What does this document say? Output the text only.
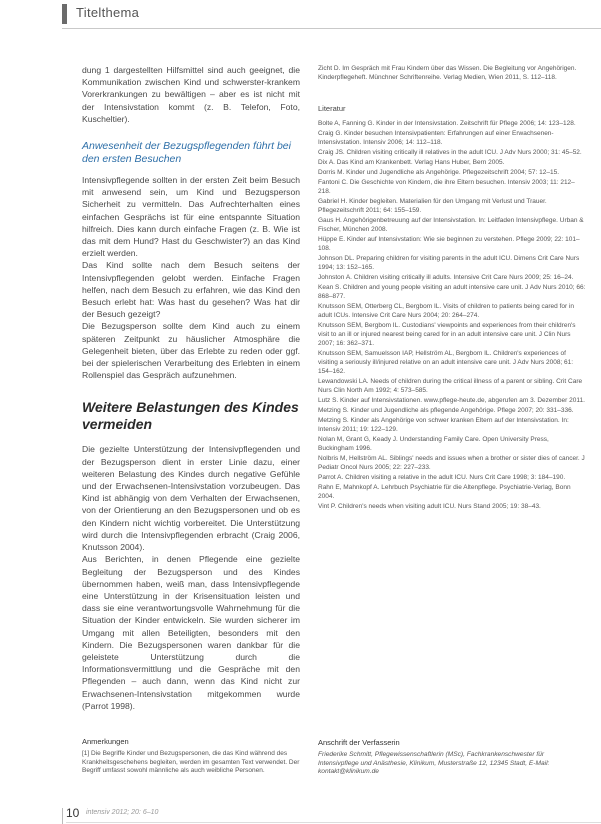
Titelthema

dung 1 dargestellten Hilfsmittel sind auch geeignet, die Kommunikation zwischen Kind und schwerster-krankem Vorerkrankungen zu bewältigen – aber es ist nicht mit der Intensivstation kommt (z. B. Telefon, Foto, Kuscheltier).

Anwesenheit der Bezugspflegenden führt bei den ersten Besuchen

Intensivpflegende sollten in der ersten Zeit beim Besuch mit anwesend sein, um Kind und Bezugsperson Sicherheit zu vermitteln. Das Aufrechterhalten eines einfachen Gesprächs ist für eine entspannte Situation hilfreich. Dies kann durch einfache Fragen (z. B. Wie ist das mit dem Hund? Hast du Geschwister?) an das Kind erzielt werden.

Das Kind sollte nach dem Besuch seitens der Intensivpflegenden gelobt werden. Einfache Fragen helfen, nach dem Besuch zu erfahren, wie das Kind den Besuch erlebt hat: Was hast du gesehen? Was hat dir der Besuch gezeigt?

Die Bezugsperson sollte dem Kind auch zu einem späteren Zeitpunkt zu häuslicher Atmosphäre die Gelegenheit bieten, über das Erlebte zu reden oder ggf. bei der spielerischen Verarbeitung des Erlebten in einem Rollenspiel das Gespräch aufzunehmen.

Weitere Belastungen des Kindes vermeiden

Die gezielte Unterstützung der Intensivpflegenden und der Bezugsperson dient in erster Linie dazu, einer weiteren Belastung des Kindes durch negative Gefühle und der Erwachsenen-Intensivstation vorzubeugen. Das Kind ist abhängig von dem Verhalten der Erwachsenen, von der Orientierung an den Bezugspersonen und ob es den Kindern nicht wichtig vorbereitet. Die Unterstützung wird durch die Intensivpflegenden erbracht (Craig 2006, Knutsson 2004).

Aus Berichten, in denen Pflegende eine gezielte Begleitung der Bezugsperson und des Kindes übernommen haben, weiß man, dass Intensivpflegende eine Unterstützung in der Krisensituation leisten und dass sie eine verantwortungsvolle Wahrnehmung für die Situation der Kinder entwickeln. Sie wurden sicherer im Umgang mit allen Beteiligten, besonders mit den Kindern. Die Bezugspersonen waren dankbar für die geleistete Unterstützung durch die Informationsvermittlung und die Gespräche mit den Pflegenden – auch dann, wenn das Kind nicht zur Erwachsenen-Intensivstation mitgekommen wurde (Parrot 1998).

Zicht D. Im Gespräch mit Frau Kindern über das Wissen. Die Begleitung vor Angehörigen. Kinderpflegeheft. Münchner Schriftenreihe. Verlag Medien, Wien 2011, S. 112–118.

Literatur

Bolte A, Fanning G. Kinder in der Intensivstation. Zeitschrift für Pflege 2006; 14: 123–128.

Craig G. Kinder besuchen Intensivpatienten: Erfahrungen auf einer Erwachsenen-Intensivstation. Intensiv 2006; 14: 112–118.

Craig JS. Children visiting critically ill relatives in the adult ICU. J Adv Nurs 2000; 31: 45–52.

Dix A. Das Kind am Krankenbett. Verlag Hans Huber, Bern 2005.

Dorris M. Kinder und Jugendliche als Angehörige. Pflegezeitschrift 2004; 57: 12–15.

Fantoni C. Die Geschichte von Kindern, die ihre Eltern besuchen. Intensiv 2003; 11: 212–218.

Gabriel H. Kinder begleiten. Materialien für den Umgang mit Verlust und Trauer. Pflegezeitschrift 2011; 64: 155–159.

Gaus H. Angehörigenbetreuung auf der Intensivstation. In: Leitfaden Intensivpflege. Urban & Fischer, München 2008.

Hüppe E. Kinder auf Intensivstation: Wie sie beginnen zu verstehen. Pflege 2009; 22: 101–108.

Johnson DL. Preparing children for visiting parents in the adult ICU. Dimens Crit Care Nurs 1994; 13: 152–165.

Johnston A. Children visiting critically ill adults. Intensive Crit Care Nurs 2009; 25: 16–24.

Kean S. Children and young people visiting an adult intensive care unit. J Adv Nurs 2010; 66: 868–877.

Knutsson SEM, Otterberg CL, Bergbom IL. Visits of children to patients being cared for in adult ICUs. Intensive Crit Care Nurs 2004; 20: 264–274.

Knutsson SEM, Bergbom IL. Custodians' viewpoints and experiences from their children's visit to an ill or injured nearest being cared for in an adult intensive care unit. J Clin Nurs 2007; 16: 362–371.

Knutsson SEM, Samuelsson IAP, Hellström AL, Bergbom IL. Children's experiences of visiting a seriously ill/injured relative on an adult intensive care unit. J Adv Nurs 2008; 61: 154–162.

Lewandowski LA. Needs of children during the critical illness of a parent or sibling. Crit Care Nurs Clin North Am 1992; 4: 573–585.

Lutz S. Kinder auf Intensivstationen. www.pflege-heute.de, abgerufen am 3. Dezember 2011.

Metzing S. Kinder und Jugendliche als pflegende Angehörige. Pflege 2007; 20: 331–336.

Metzing S. Kinder als Angehörige von schwer kranken Eltern auf der Intensivstation. In: Intensiv 2011; 19: 122–129.

Nolan M, Grant G, Keady J. Understanding Family Care. Open University Press, Buckingham 1996.

Nolbris M, Hellström AL. Siblings' needs and issues when a brother or sister dies of cancer. J Pediatr Oncol Nurs 2005; 22: 227–233.

Parrot A. Children visiting a relative in the adult ICU. Nurs Crit Care 1998; 3: 184–190.

Rahn E, Mahnkopf A. Lehrbuch Psychiatrie für die Altenpflege. Psychiatrie-Verlag, Bonn 2004.

Vint P. Children's needs when visiting adult ICU. Nurs Stand 2005; 19: 38–43.

Anmerkungen

[1] Die Begriffe Kinder und Bezugspersonen, die das Kind während des Krankheitsgeschehens begleiten, werden im gesamten Text verwendet. Der Begriff umfasst sowohl männliche als auch weibliche Personen.

Anschrift der Verfasserin

Friederike Schmitt, Pflegewissenschaftlerin (MSc), Fachkrankenschwester für Intensivpflege und Anästhesie, Klinikum, Musterstraße 12, 12345 Stadt, E-Mail: kontakt@klinikum.de

10 intensiv 2012; 20: 6–10
